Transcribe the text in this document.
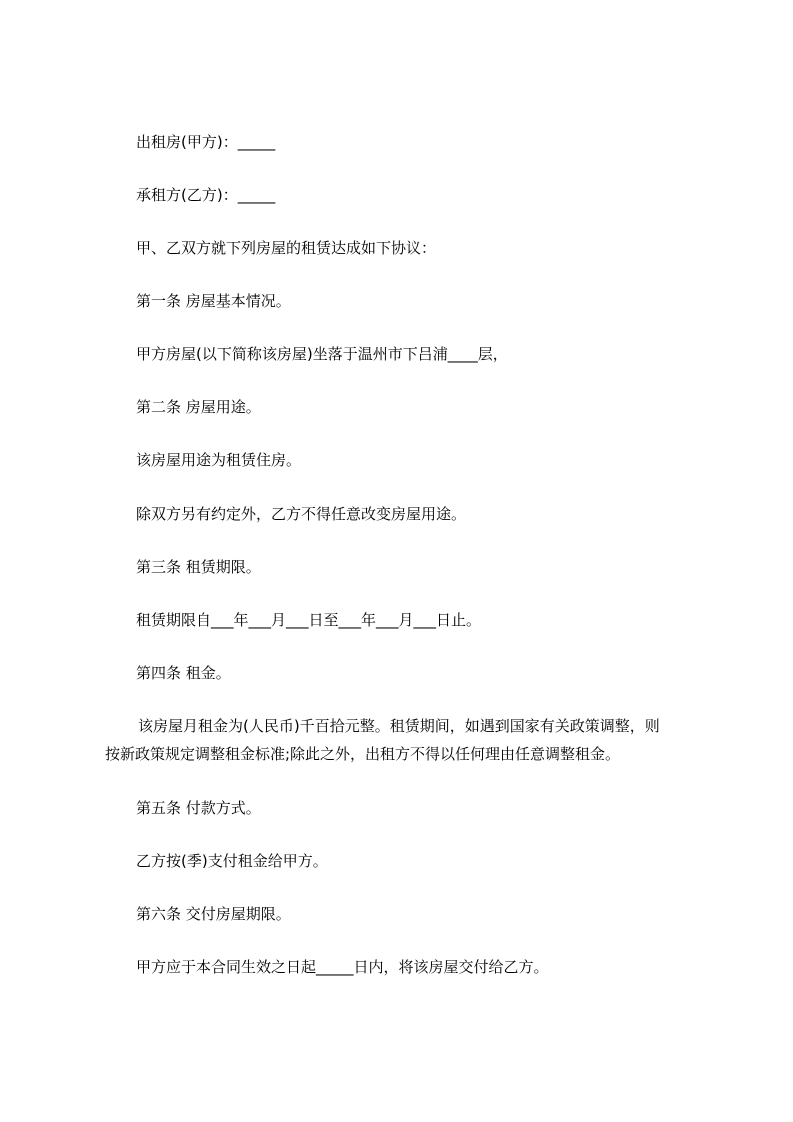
出租房(甲方)：_____
承租方(乙方)：_____
甲、乙双方就下列房屋的租赁达成如下协议：
第一条 房屋基本情况。
甲方房屋(以下简称该房屋)坐落于温州市下吕浦____层，
第二条 房屋用途。
该房屋用途为租赁住房。
除双方另有约定外，乙方不得任意改变房屋用途。
第三条 租赁期限。
租赁期限自___年___月___日至___年___月___日止。
第四条 租金。
该房屋月租金为(人民币)千百拾元整。租赁期间，如遇到国家有关政策调整，则
按新政策规定调整租金标准;除此之外，出租方不得以任何理由任意调整租金。
第五条 付款方式。
乙方按(季)支付租金给甲方。
第六条 交付房屋期限。
甲方应于本合同生效之日起_____日内，将该房屋交付给乙方。
